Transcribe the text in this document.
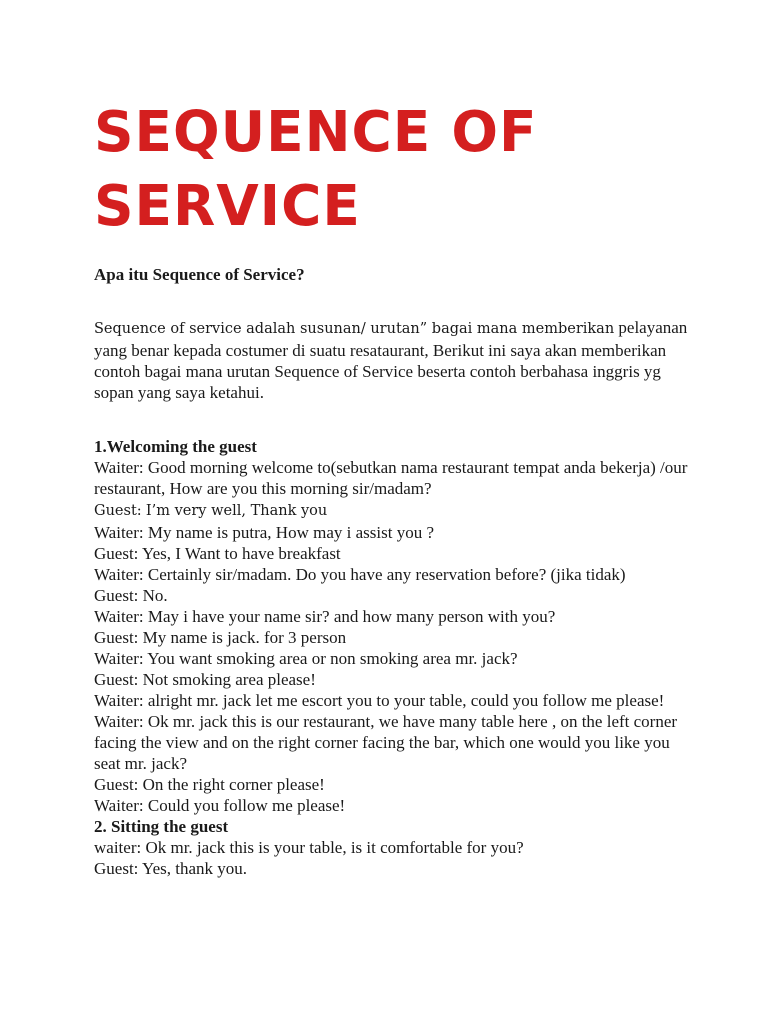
SEQUENCE OF
SERVICE

Apa itu Sequence of Service?

Sequence of service adalah susunan/ urutan” bagai mana memberikan pelayanan yang benar kepada costumer di suatu resataurant, Berikut ini saya akan memberikan contoh bagai mana urutan Sequence of Service beserta contoh berbahasa inggris yg sopan yang saya ketahui.

1.Welcoming the guest

Waiter: Good morning welcome to(sebutkan nama restaurant tempat anda bekerja) /our restaurant, How are you this morning sir/madam?

Guest: I’m very well, Thank you

Waiter: My name is putra, How may i assist you ?

Guest: Yes, I Want to have breakfast

Waiter: Certainly sir/madam. Do you have any reservation before? (jika tidak)

Guest: No.

Waiter: May i have your name sir? and how many person with you?

Guest: My name is jack. for 3 person

Waiter: You want smoking area or non smoking area mr. jack?

Guest: Not smoking area please!

Waiter: alright mr. jack let me escort you to your table, could you follow me please!

Waiter: Ok mr. jack this is our restaurant, we have many table here , on the left corner facing the view and on the right corner facing the bar, which one would you like you seat mr. jack?

Guest: On the right corner please!

Waiter: Could you follow me please!

2. Sitting the guest

waiter: Ok mr. jack this is your table, is it comfortable for you?

Guest: Yes, thank you.
